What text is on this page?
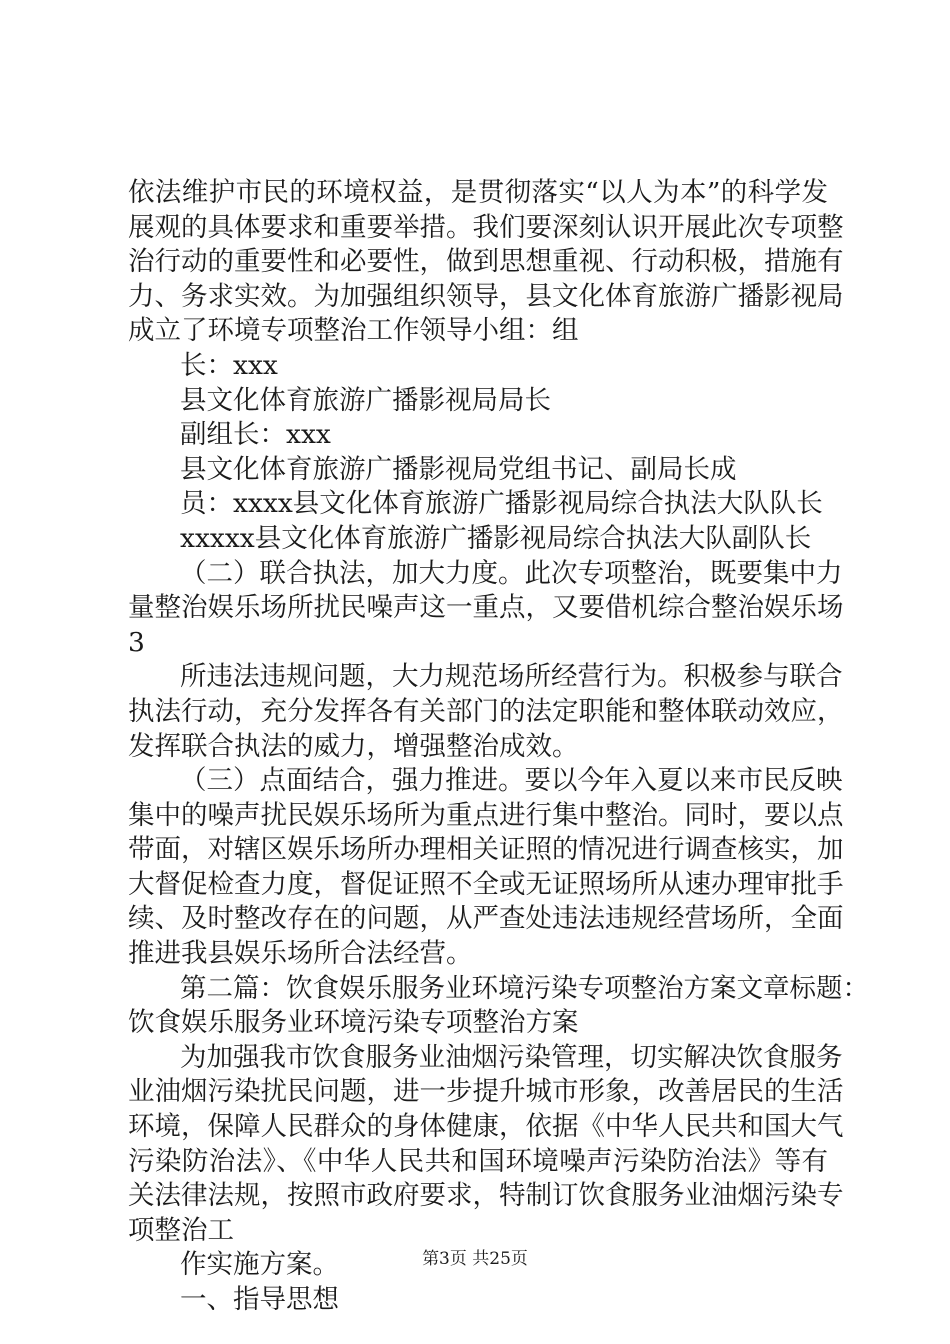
依法维护市民的环境权益，是贯彻落实“以人为本”的科学发
展观的具体要求和重要举措。我们要深刻认识开展此次专项整
治行动的重要性和必要性，做到思想重视、行动积极，措施有
力、务求实效。为加强组织领导，县文化体育旅游广播影视局
成立了环境专项整治工作领导小组：组
长：xxx
县文化体育旅游广播影视局局长
副组长：xxx
县文化体育旅游广播影视局党组书记、副局长成
员：xxxx县文化体育旅游广播影视局综合执法大队队长
xxxxx县文化体育旅游广播影视局综合执法大队副队长
（二）联合执法，加大力度。此次专项整治，既要集中力
量整治娱乐场所扰民噪声这一重点，又要借机综合整治娱乐场
3
所违法违规问题，大力规范场所经营行为。积极参与联合
执法行动，充分发挥各有关部门的法定职能和整体联动效应，
发挥联合执法的威力，增强整治成效。
（三）点面结合，强力推进。要以今年入夏以来市民反映
集中的噪声扰民娱乐场所为重点进行集中整治。同时，要以点
带面，对辖区娱乐场所办理相关证照的情况进行调查核实，加
大督促检查力度，督促证照不全或无证照场所从速办理审批手
续、及时整改存在的问题，从严查处违法违规经营场所，全面
推进我县娱乐场所合法经营。
第二篇：饮食娱乐服务业环境污染专项整治方案文章标题：
饮食娱乐服务业环境污染专项整治方案
为加强我市饮食服务业油烟污染管理，切实解决饮食服务
业油烟污染扰民问题，进一步提升城市形象，改善居民的生活
环境，保障人民群众的身体健康，依据《中华人民共和国大气
污染防治法》、《中华人民共和国环境噪声污染防治法》等有
关法律法规，按照市政府要求，特制订饮食服务业油烟污染专
项整治工
作实施方案。
一、指导思想
第3页 共25页
